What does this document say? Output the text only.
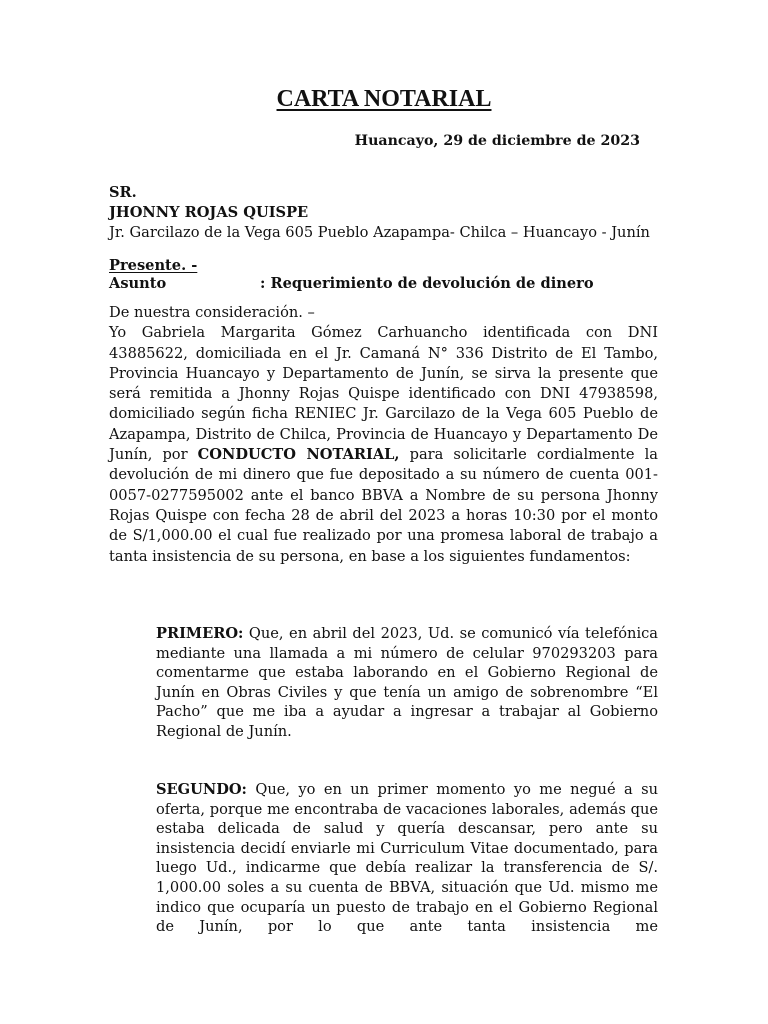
CARTA NOTARIAL

Huancayo, 29 de diciembre de 2023

SR.
JHONNY ROJAS QUISPE
Jr. Garcilazo de la Vega 605 Pueblo Azapampa- Chilca – Huancayo - Junín
Presente. -
Asunto	: Requerimiento de devolución de dinero

De nuestra consideración. –

Yo Gabriela Margarita Gómez Carhuancho identificada con DNI 43885622, domiciliada en el Jr. Camaná N° 336 Distrito de El Tambo, Provincia Huancayo y Departamento de Junín, se sirva la presente que será remitida a Jhonny Rojas Quispe identificado con DNI 47938598, domiciliado según ficha RENIEC Jr. Garcilazo de la Vega 605 Pueblo de Azapampa, Distrito de Chilca, Provincia de Huancayo y Departamento De Junín, por CONDUCTO NOTARIAL, para solicitarle cordialmente la devolución de mi dinero que fue depositado a su número de cuenta 001-0057-0277595002 ante el banco BBVA a Nombre de su persona Jhonny Rojas Quispe con fecha 28 de abril del 2023 a horas 10:30 por el monto de S/1,000.00 el cual fue realizado por una promesa laboral de trabajo a tanta insistencia de su persona, en base a los siguientes fundamentos:

PRIMERO: Que, en abril del 2023, Ud. se comunicó vía telefónica mediante una llamada a mi número de celular 970293203 para comentarme que estaba laborando en el Gobierno Regional de Junín en Obras Civiles y que tenía un amigo de sobrenombre “El Pacho” que me iba a ayudar a ingresar a trabajar al Gobierno Regional de Junín.

SEGUNDO: Que, yo en un primer momento yo me negué a su oferta, porque me encontraba de vacaciones laborales, además que estaba delicada de salud y quería descansar, pero ante su insistencia decidí enviarle mi Curriculum Vitae documentado, para luego Ud., indicarme que debía realizar la transferencia de S/. 1,000.00 soles a su cuenta de BBVA, situación que Ud. mismo me indico que ocuparía un puesto de trabajo en el Gobierno Regional de Junín, por lo que ante tanta insistencia me
